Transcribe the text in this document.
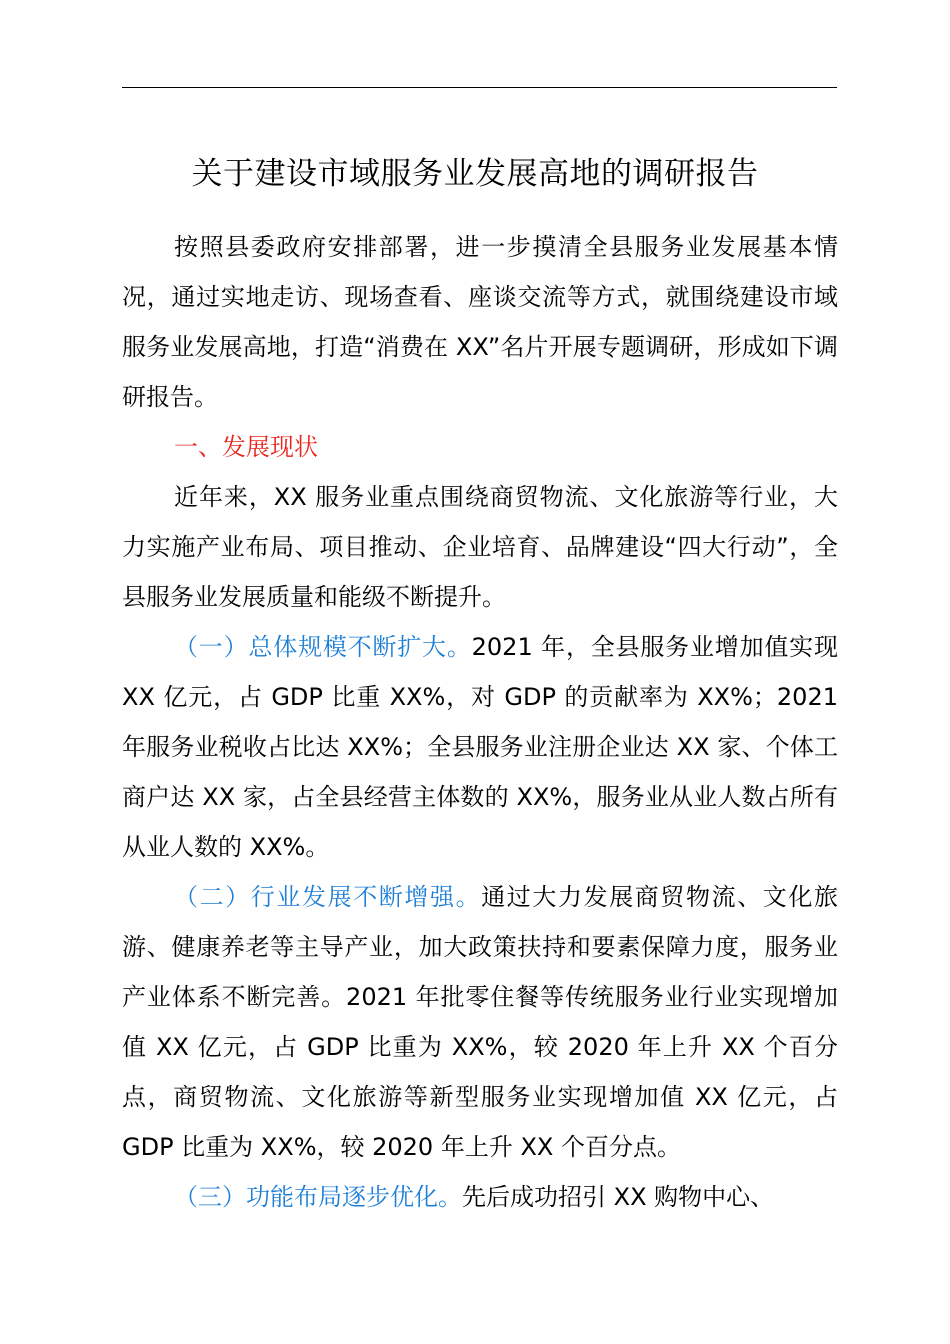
关于建设市域服务业发展高地的调研报告

按照县委政府安排部署，进一步摸清全县服务业发展基本情况，通过实地走访、现场查看、座谈交流等方式，就围绕建设市域服务业发展高地，打造“消费在 XX”名片开展专题调研，形成如下调研报告。

一、发展现状

近年来，XX 服务业重点围绕商贸物流、文化旅游等行业，大力实施产业布局、项目推动、企业培育、品牌建设“四大行动”，全县服务业发展质量和能级不断提升。

（一）总体规模不断扩大。2021 年，全县服务业增加值实现 XX 亿元，占 GDP 比重 XX%，对 GDP 的贡献率为 XX%；2021 年服务业税收占比达 XX%；全县服务业注册企业达 XX 家、个体工商户达 XX 家，占全县经营主体数的 XX%，服务业从业人数占所有从业人数的 XX%。

（二）行业发展不断增强。通过大力发展商贸物流、文化旅游、健康养老等主导产业，加大政策扶持和要素保障力度，服务业产业体系不断完善。2021 年批零住餐等传统服务业行业实现增加值 XX 亿元，占 GDP 比重为 XX%，较 2020 年上升 XX 个百分点，商贸物流、文化旅游等新型服务业实现增加值 XX 亿元，占 GDP 比重为 XX%，较 2020 年上升 XX 个百分点。

（三）功能布局逐步优化。先后成功招引 XX 购物中心、
